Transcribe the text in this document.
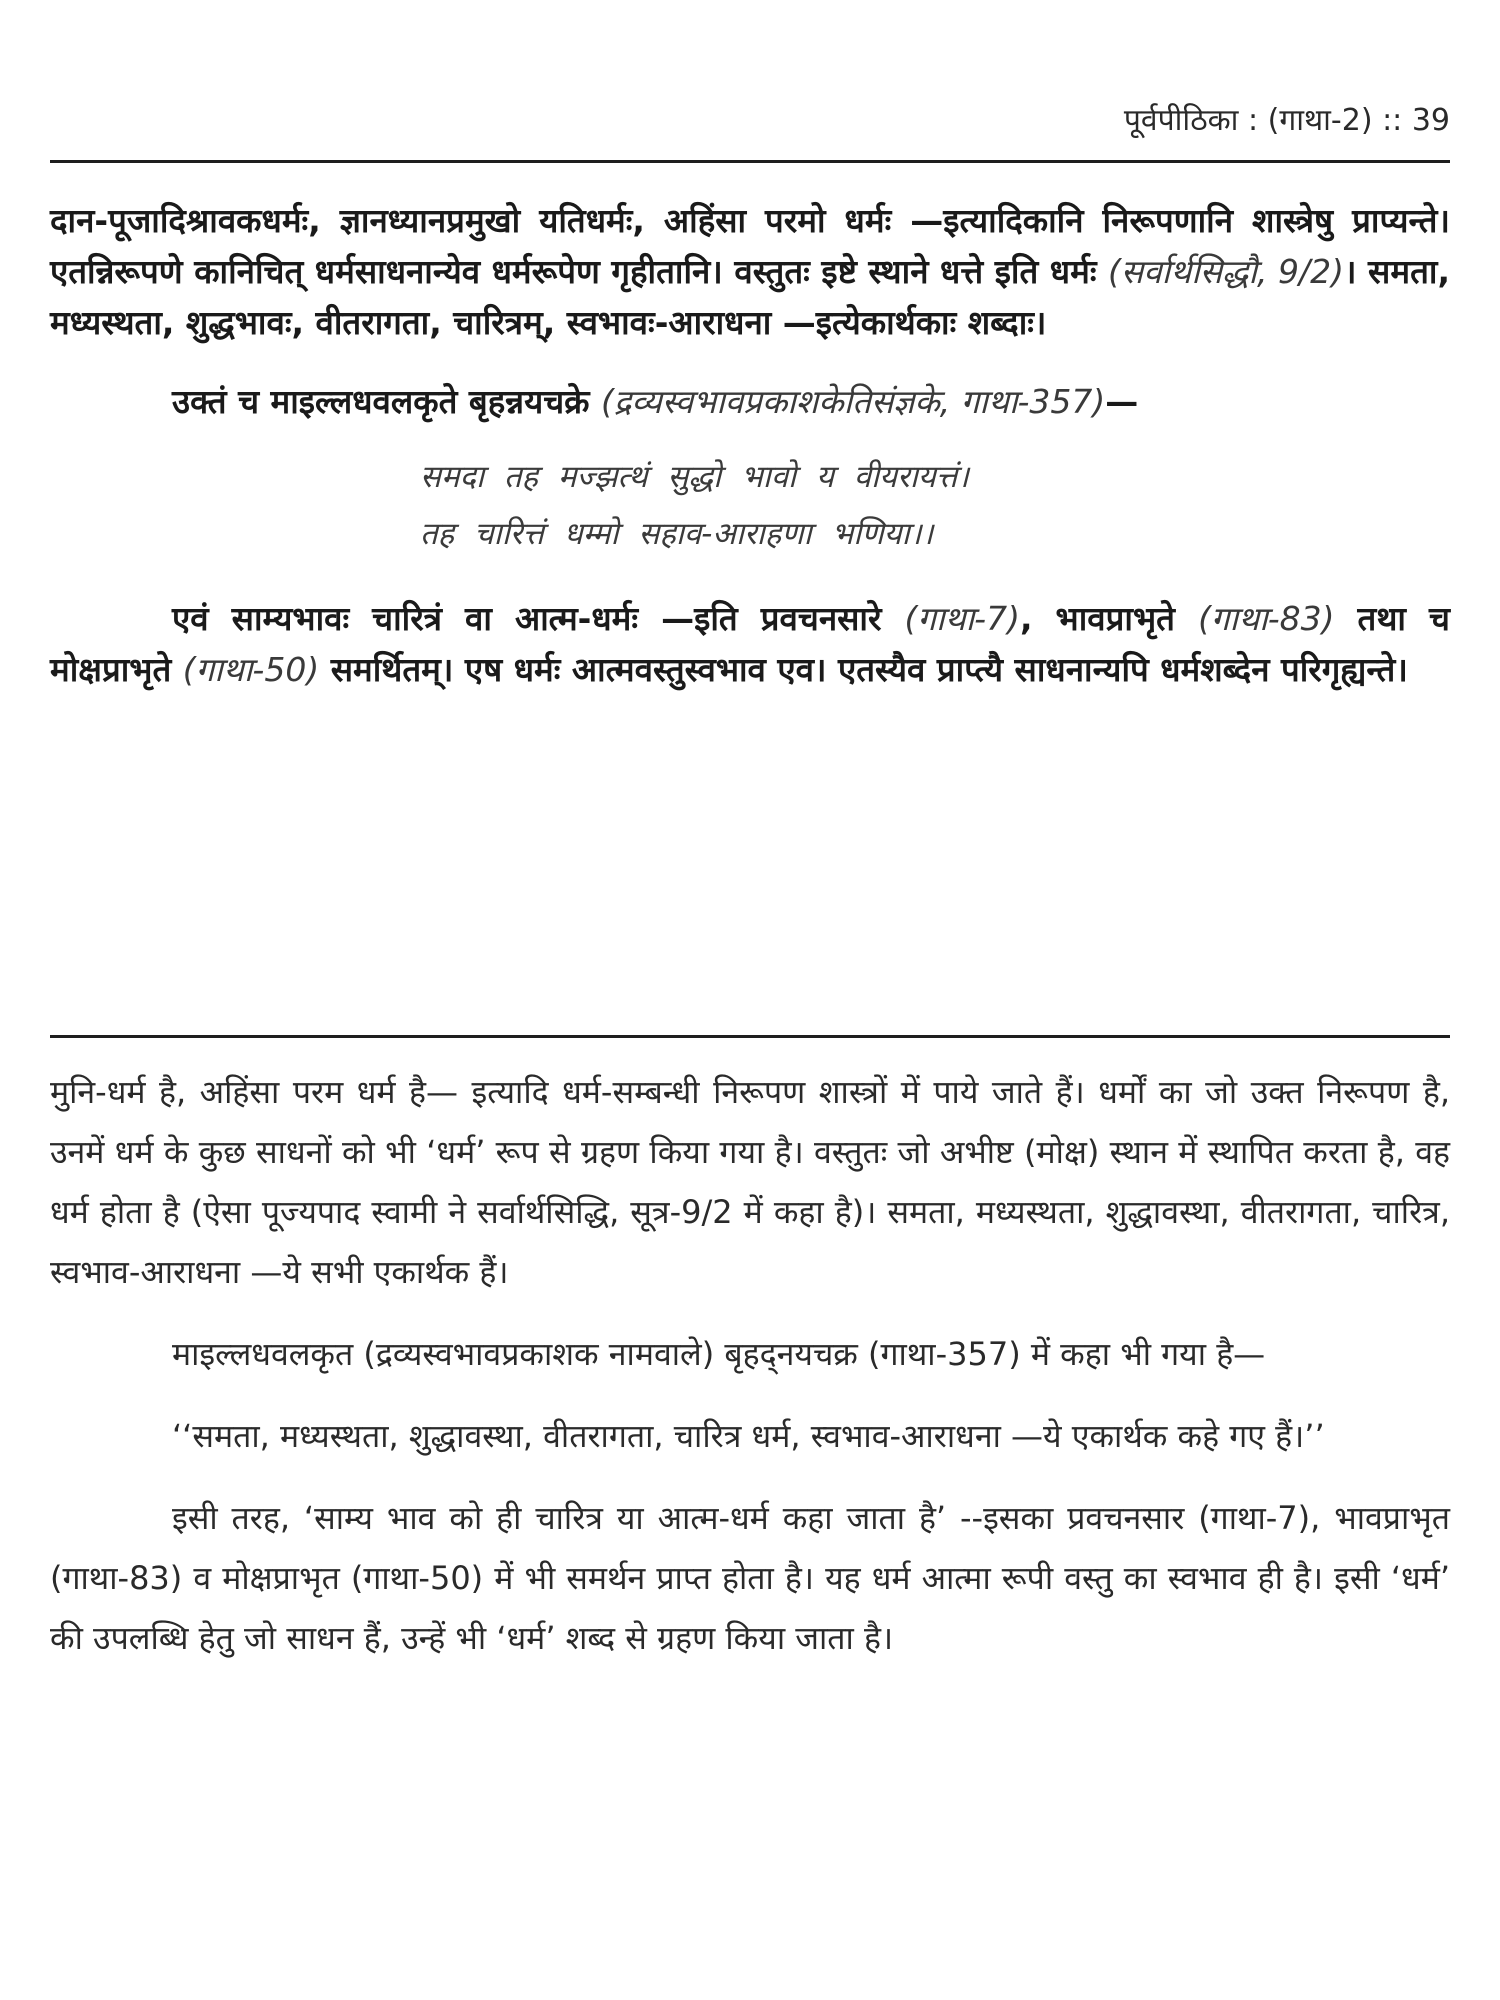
पूर्वपीठिका : (गाथा-2) :: 39

दान-पूजादिश्रावकधर्मः, ज्ञानध्यानप्रमुखो यतिधर्मः, अहिंसा परमो धर्मः —इत्यादिकानि निरूपणानि शास्त्रेषु प्राप्यन्ते। एतन्निरूपणे कानिचित् धर्मसाधनान्येव धर्मरूपेण गृहीतानि। वस्तुतः इष्टे स्थाने धत्ते इति धर्मः (सर्वार्थसिद्धौ, 9/2)। समता, मध्यस्थता, शुद्धभावः, वीतरागता, चारित्रम्, स्वभावः-आराधना —इत्येकार्थकाः शब्दाः।

उक्तं च माइल्लधवलकृते बृहन्नयचक्रे (द्रव्यस्वभावप्रकाशकेतिसंज्ञके, गाथा-357)—

समदा तह मज्झत्थं सुद्धो भावो य वीयरायत्तं।
तह चारित्तं धम्मो सहाव-आराहणा भणिया।।

एवं साम्यभावः चारित्रं वा आत्म-धर्मः —इति प्रवचनसारे (गाथा-7), भावप्राभृते (गाथा-83) तथा च मोक्षप्राभृते (गाथा-50) समर्थितम्। एष धर्मः आत्मवस्तुस्वभाव एव। एतस्यैव प्राप्त्यै साधनान्यपि धर्मशब्देन परिगृह्यन्ते।

मुनि-धर्म है, अहिंसा परम धर्म है— इत्यादि धर्म-सम्बन्धी निरूपण शास्त्रों में पाये जाते हैं। धर्मों का जो उक्त निरूपण है, उनमें धर्म के कुछ साधनों को भी ‘धर्म’ रूप से ग्रहण किया गया है। वस्तुतः जो अभीष्ट (मोक्ष) स्थान में स्थापित करता है, वह धर्म होता है (ऐसा पूज्यपाद स्वामी ने सर्वार्थसिद्धि, सूत्र-9/2 में कहा है)। समता, मध्यस्थता, शुद्धावस्था, वीतरागता, चारित्र, स्वभाव-आराधना —ये सभी एकार्थक हैं।

माइल्लधवलकृत (द्रव्यस्वभावप्रकाशक नामवाले) बृहद्नयचक्र (गाथा-357) में कहा भी गया है—

‘‘समता, मध्यस्थता, शुद्धावस्था, वीतरागता, चारित्र धर्म, स्वभाव-आराधना —ये एकार्थक कहे गए हैं।’’

इसी तरह, ‘साम्य भाव को ही चारित्र या आत्म-धर्म कहा जाता है’ --इसका प्रवचनसार (गाथा-7), भावप्राभृत (गाथा-83) व मोक्षप्राभृत (गाथा-50) में भी समर्थन प्राप्त होता है। यह धर्म आत्मा रूपी वस्तु का स्वभाव ही है। इसी ‘धर्म’ की उपलब्धि हेतु जो साधन हैं, उन्हें भी ‘धर्म’ शब्द से ग्रहण किया जाता है।
